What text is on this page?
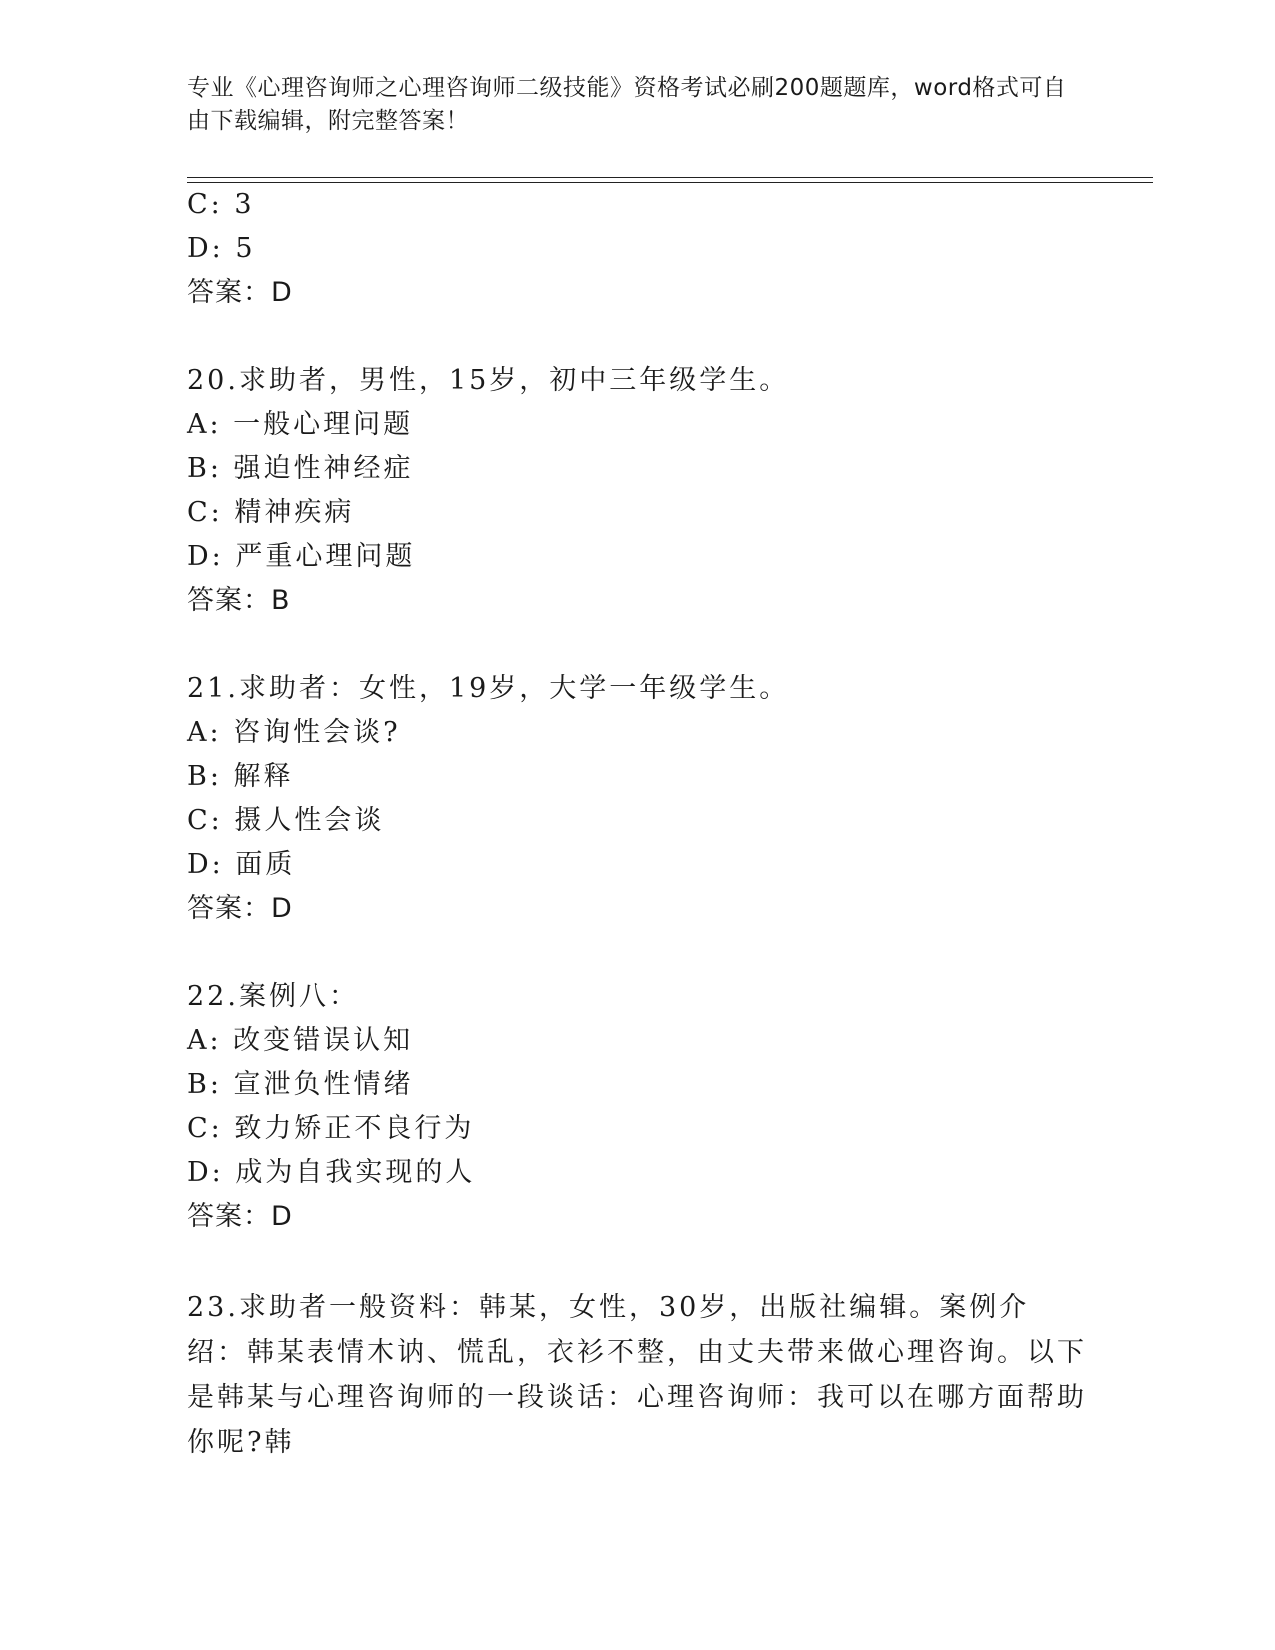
专业《心理咨询师之心理咨询师二级技能》资格考试必刷200题题库，word格式可自由下载编辑，附完整答案！
C: 3
D: 5
答案：D
20.求助者，男性，15岁，初中三年级学生。
A: 一般心理问题
B: 强迫性神经症
C: 精神疾病
D: 严重心理问题
答案：B
21.求助者：女性，19岁，大学一年级学生。
A: 咨询性会谈?
B: 解释
C: 摄人性会谈
D: 面质
答案：D
22.案例八：
A: 改变错误认知
B: 宣泄负性情绪
C: 致力矫正不良行为
D: 成为自我实现的人
答案：D
23.求助者一般资料：韩某，女性，30岁，出版社编辑。案例介绍：韩某表情木讷、慌乱，衣衫不整，由丈夫带来做心理咨询。以下是韩某与心理咨询师的一段谈话：心理咨询师：我可以在哪方面帮助你呢?韩
